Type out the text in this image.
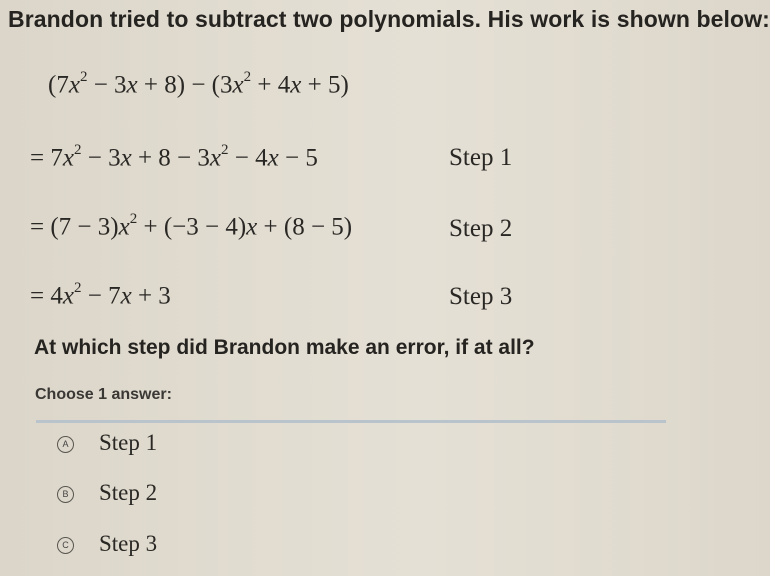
Brandon tried to subtract two polynomials. His work is shown below:
$(7x^2 - 3x + 8) - (3x^2 + 4x + 5)$
= $7x^2 - 3x + 8 - 3x^2 - 4x - 5$	Step 1
= $(7 - 3)x^2 + (-3 - 4)x + (8 - 5)$	Step 2
= $4x^2 - 7x + 3$	Step 3
At which step did Brandon make an error, if at all?
Choose 1 answer:
A Step 1
B Step 2
C Step 3
